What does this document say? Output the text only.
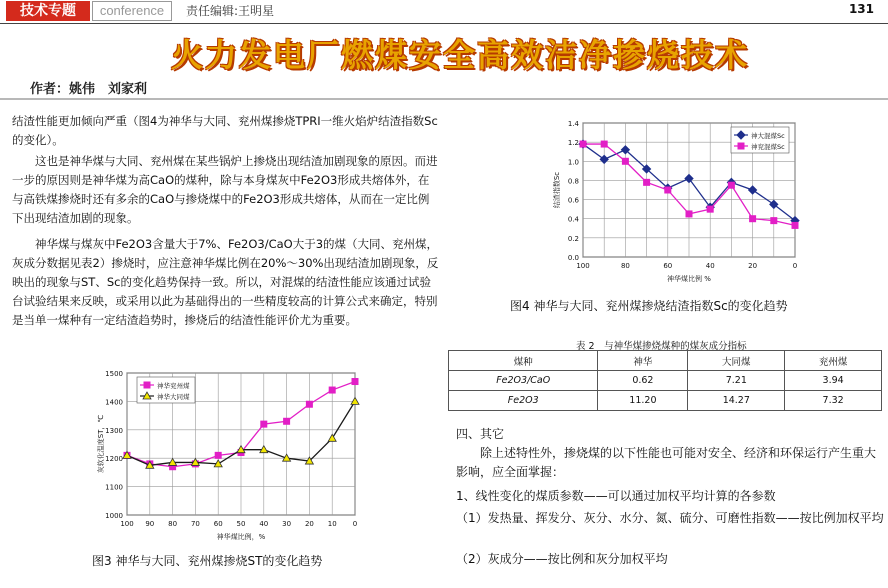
技术专题	conference	责任编辑:王明星	131
火力发电厂燃煤安全高效洁净掺烧技术
作者：姚伟　刘家利
结渣性能更加倾向严重（图4为神华与大同、兖州煤掺烧TPRI一维火焰炉结渣指数Sc的变化）。
这也是神华煤与大同、兖州煤在某些锅炉上掺烧出现结渣加剧现象的原因。而进一步的原因则是神华煤为高CaO的煤种，除与本身煤灰中Fe2O3形成共熔体外，在与高铁煤掺烧时还有多余的CaO与掺烧煤中的Fe2O3形成共熔体，从而在一定比例下出现结渣加剧的现象。
神华煤与煤灰中Fe2O3含量大于7%、Fe2O3/CaO大于3的煤（大同、兖州煤，灰成分数据见表2）掺烧时，应注意神华煤比例在20%～30%出现结渣加剧现象，反映出的现象与ST、Sc的变化趋势保持一致。所以，对混煤的结渣性能应该通过试验台试验结果来反映，或采用以此为基础得出的一些精度较高的计算公式来确定，特别是当单一煤种有一定结渣趋势时，掺烧后的结渣性能评价尤为重要。
1000
1100
1200
1300
1400
1500
100 90 80 70 60 50 40 30 20 10 0
神华兖州煤
神华大同煤
神华煤比例，%
灰软化温度ST，℃
图3 神华与大同、兖州煤掺烧ST的变化趋势
0.0
0.2
0.4
0.6
0.8
1.0
1.2
1.4
100	80	60	40	20	0
神大混煤Sc
神兖混煤Sc
神华煤比例 %
结渣指数Sc
图4 神华与大同、兖州煤掺烧结渣指数Sc的变化趋势
表 2　与神华煤掺烧煤种的煤灰成分指标
煤种	神华	大同煤	兖州煤
Fe2O3/CaO	0.62	7.21	3.94
Fe2O3	11.20	14.27	7.32
四、其它
除上述特性外，掺烧煤的以下性能也可能对安全、经济和环保运行产生重大影响，应全面掌握：
1、线性变化的煤质参数——可以通过加权平均计算的各参数
（1）发热量、挥发分、灰分、水分、氮、硫分、可磨性指数——按比例加权平均
（2）灰成分——按比例和灰分加权平均
